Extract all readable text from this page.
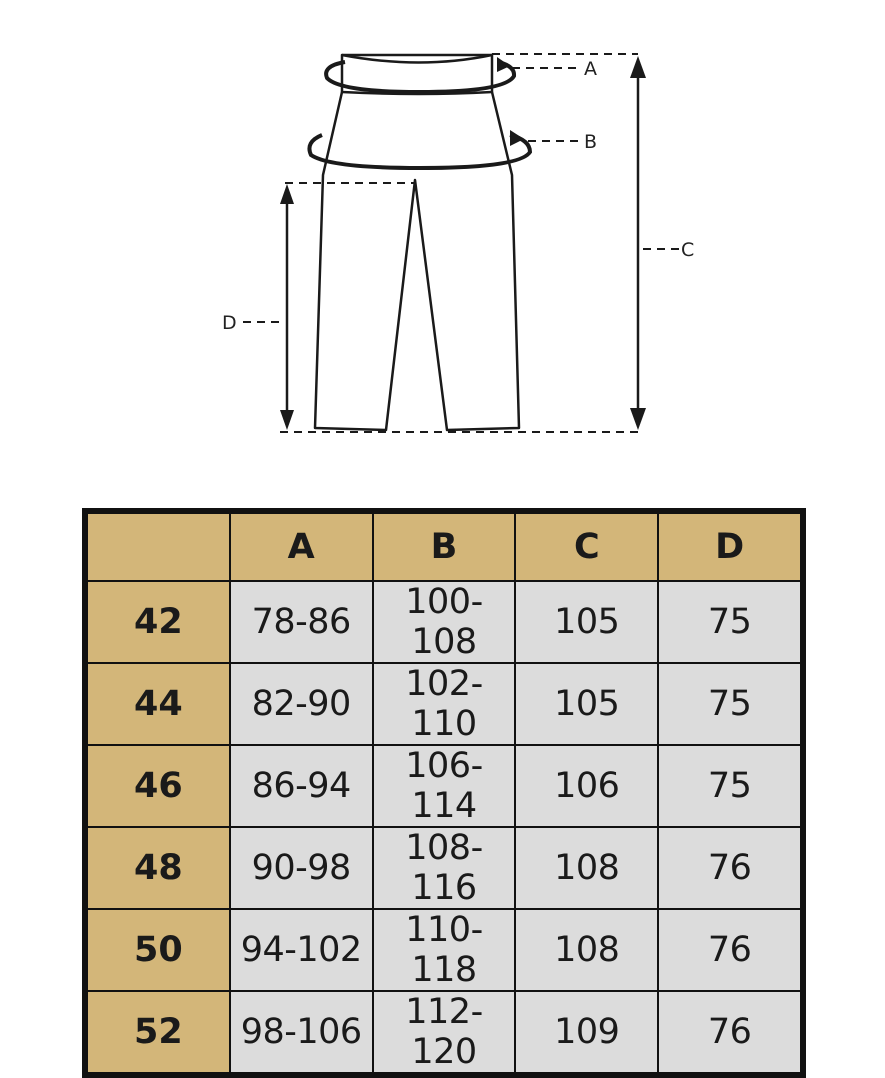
A
B
C
D
	A	B	C	D
42	78-86	100-108	105	75
44	82-90	102-110	105	75
46	86-94	106-114	106	75
48	90-98	108-116	108	76
50	94-102	110-118	108	76
52	98-106	112-120	109	76
